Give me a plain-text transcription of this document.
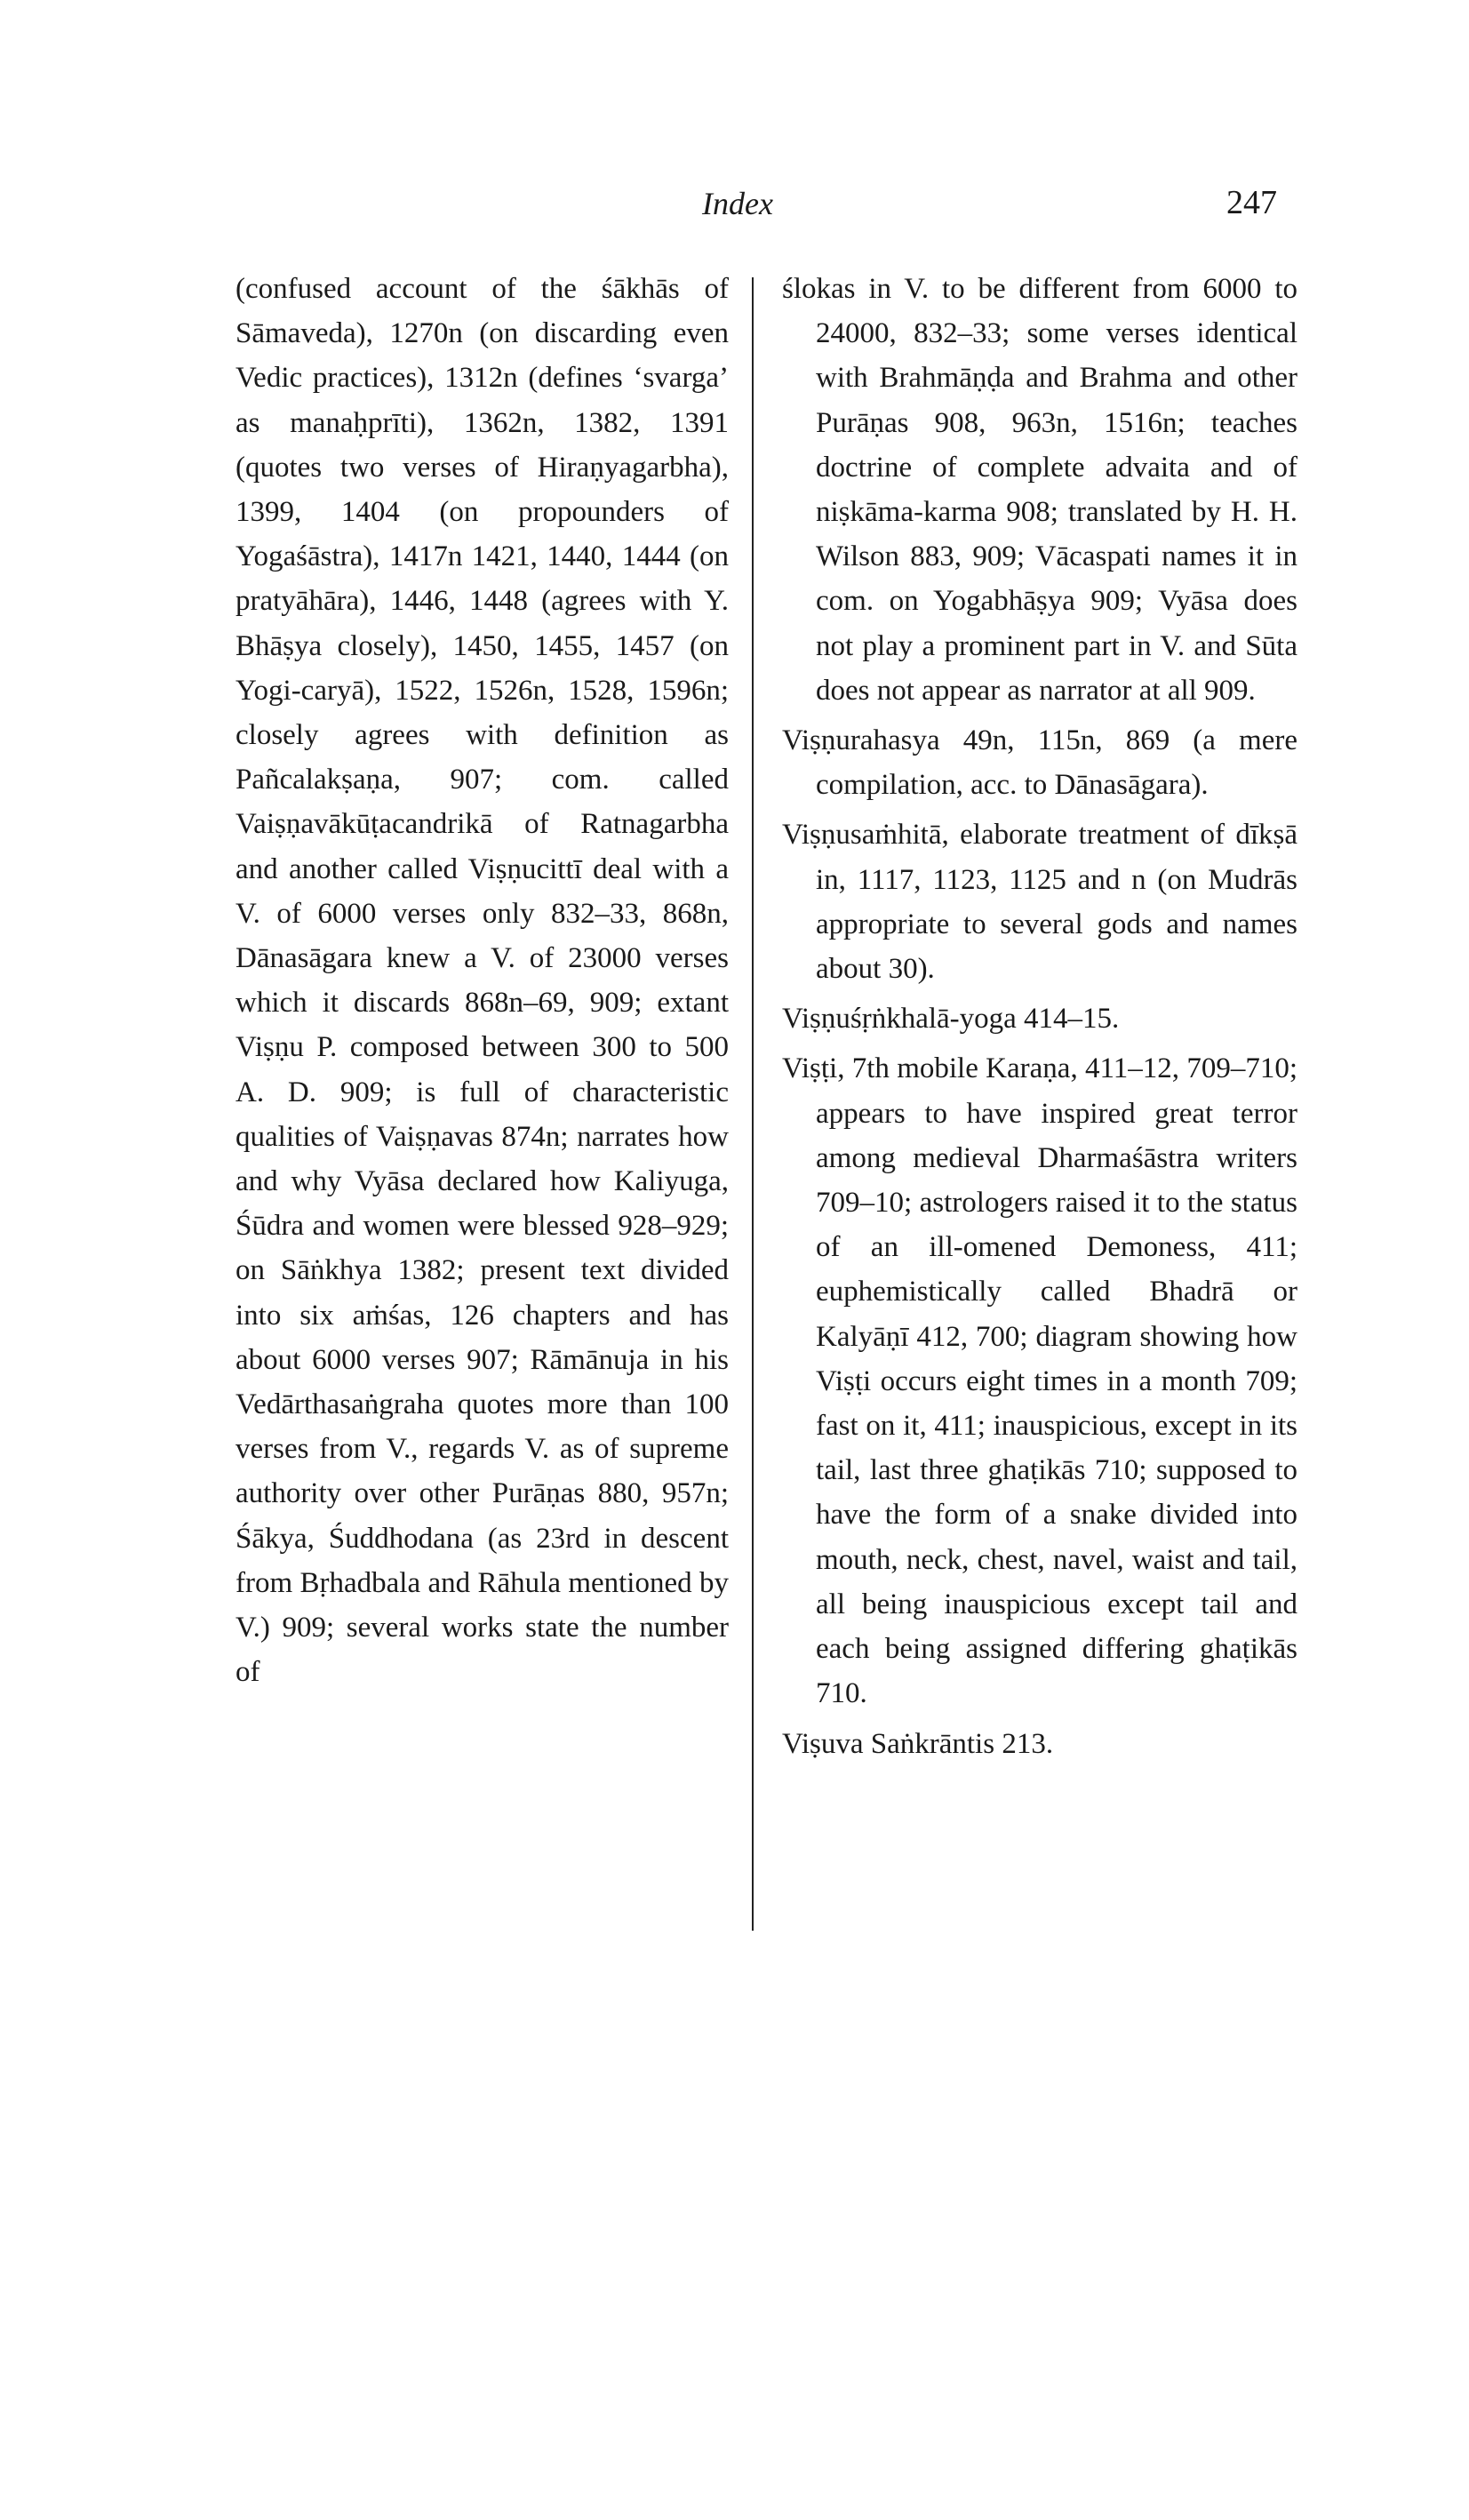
Index	247

(confused account of the śākhās of Sāmaveda), 1270n (on discarding even Vedic practices), 1312n (defines ‘svarga’ as manaḥprīti), 1362n, 1382, 1391 (quotes two verses of Hiraṇyagarbha), 1399, 1404 (on propounders of Yogaśāstra), 1417n 1421, 1440, 1444 (on pratyāhāra), 1446, 1448 (agrees with Y. Bhāṣya closely), 1450, 1455, 1457 (on Yogi-caryā), 1522, 1526n, 1528, 1596n; closely agrees with definition as Pañcalakṣaṇa, 907; com. called Vaiṣṇavākūṭacandrikā of Ratnagarbha and another called Viṣṇucittī deal with a V. of 6000 verses only 832–33, 868n, Dānasāgara knew a V. of 23000 verses which it discards 868n–69, 909; extant Viṣṇu P. composed between 300 to 500 A. D. 909; is full of characteristic qualities of Vaiṣṇavas 874n; narrates how and why Vyāsa declared how Kaliyuga, Śūdra and women were blessed 928–929; on Sāṅkhya 1382; present text divided into six aṁśas, 126 chapters and has about 6000 verses 907; Rāmānuja in his Vedārthasaṅgraha quotes more than 100 verses from V., regards V. as of supreme authority over other Purāṇas 880, 957n; Śākya, Śuddhodana (as 23rd in descent from Bṛhadbala and Rāhula mentioned by V.) 909; several works state the number of

ślokas in V. to be different from 6000 to 24000, 832–33; some verses identical with Brahmāṇḍa and Brahma and other Purāṇas 908, 963n, 1516n; teaches doctrine of complete advaita and of niṣkāma-karma 908; translated by H. H. Wilson 883, 909; Vācaspati names it in com. on Yogabhāṣya 909; Vyāsa does not play a prominent part in V. and Sūta does not appear as narrator at all 909.

Viṣṇurahasya 49n, 115n, 869 (a mere compilation, acc. to Dānasāgara).

Viṣṇusaṁhitā, elaborate treatment of dīkṣā in, 1117, 1123, 1125 and n (on Mudrās appropriate to several gods and names about 30).

Viṣṇuśṛṅkhalā-yoga 414–15.

Viṣṭi, 7th mobile Karaṇa, 411–12, 709–710; appears to have inspired great terror among medieval Dharmaśāstra writers 709–10; astrologers raised it to the status of an ill-omened Demoness, 411; euphemistically called Bhadrā or Kalyāṇī 412, 700; diagram showing how Viṣṭi occurs eight times in a month 709; fast on it, 411; inauspicious, except in its tail, last three ghaṭikās 710; supposed to have the form of a snake divided into mouth, neck, chest, navel, waist and tail, all being inauspicious except tail and each being assigned differing ghaṭikās 710.

Viṣuva Saṅkrāntis 213.
